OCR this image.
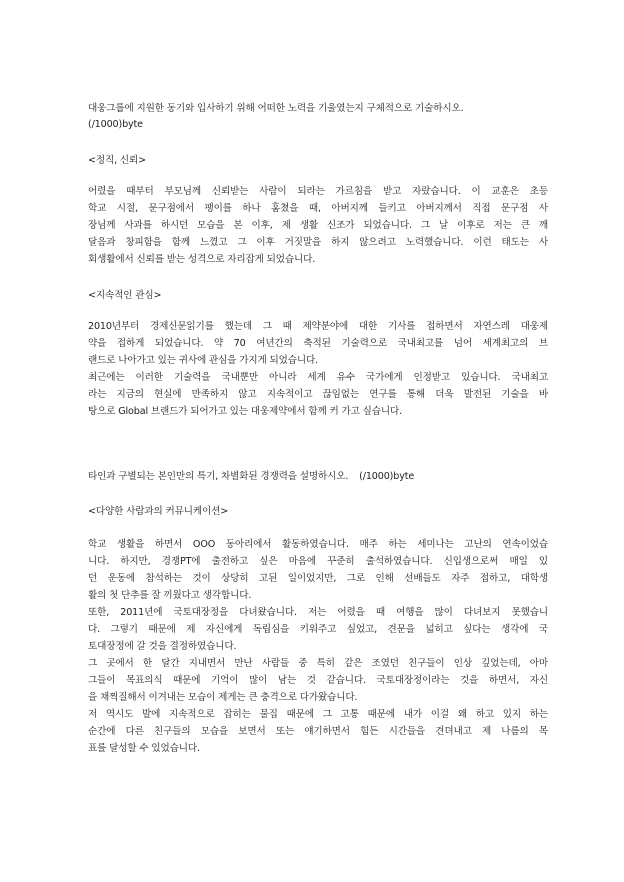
대웅그룹에 지원한 동기와 입사하기 위해 어떠한 노력을 기울였는지 구체적으로 기술하시오.
(/1000)byte
<정직, 신뢰>
어렸을 때부터 부모님께 신뢰받는 사람이 되라는 가르침을 받고 자랐습니다. 이 교훈은 초등
학교 시절, 문구점에서 팽이를 하나 훔쳤을 때, 아버지께 들키고 아버지께서 직접 문구점 사
장님께 사과를 하시던 모습을 본 이후, 제 생활 신조가 되었습니다. 그 날 이후로 저는 큰 깨
달음과 창피함을 함께 느꼈고 그 이후 거짓말을 하지 않으려고 노력했습니다. 이런 태도는 사
회생활에서 신뢰를 받는 성격으로 자리잡게 되었습니다.
<지속적인 관심>
2010년부터 경제신문읽기를 했는데 그 때 제약분야에 대한 기사를 접하면서 자연스레 대웅제
약을 접하게 되었습니다. 약 70 여년간의 축적된 기술력으로 국내최고를 넘어 세계최고의 브
랜드로 나아가고 있는 귀사에 관심을 가지게 되었습니다.
최근에는 이러한 기술력을 국내뿐만 아니라 세계 유수 국가에게 인정받고 있습니다. 국내최고
라는 지금의 현실에 만족하지 않고 지속적이고 끊임없는 연구를 통해 더욱 발전된 기술을 바
탕으로 Global 브랜드가 되어가고 있는 대웅제약에서 함께 커 가고 싶습니다.
타인과 구별되는 본인만의 특기, 차별화된 경쟁력을 설명하시오. (/1000)byte
<다양한 사람과의 커뮤니케이션>
학교 생활을 하면서 OOO 동아리에서 활동하였습니다. 매주 하는 세미나는 고난의 연속이었습
니다. 하지만, 경쟁PT에 출전하고 싶은 마음에 꾸준히 출석하였습니다. 신입생으로써 매일 있
던 운동에 참석하는 것이 상당히 고된 일이었지만, 그로 인해 선배들도 자주 접하고, 대학생
활의 첫 단추를 잘 끼웠다고 생각합니다.
또한, 2011년에 국토대장정을 다녀왔습니다. 저는 어렸을 때 여행을 많이 다녀보지 못했습니
다. 그렇기 때문에 제 자신에게 독립심을 키워주고 싶었고, 견문을 넓히고 싶다는 생각에 국
토대장정에 갈 것을 결정하였습니다.
그 곳에서 한 달간 지내면서 만난 사람들 중 특히 같은 조였던 친구들이 인상 깊었는데, 아마
그들이 목표의식 때문에 기억이 많이 남는 것 같습니다. 국토대장정이라는 것을 하면서, 자신
을 채찍질해서 이겨내는 모습이 제게는 큰 충격으로 다가왔습니다.
저 역시도 발에 지속적으로 잡히는 물집 때문에 그 고통 때문에 내가 이걸 왜 하고 있지 하는
순간에 다른 친구들의 모습을 보면서 또는 얘기하면서 힘든 시간들을 견뎌내고 제 나름의 목
표를 달성할 수 있었습니다.
